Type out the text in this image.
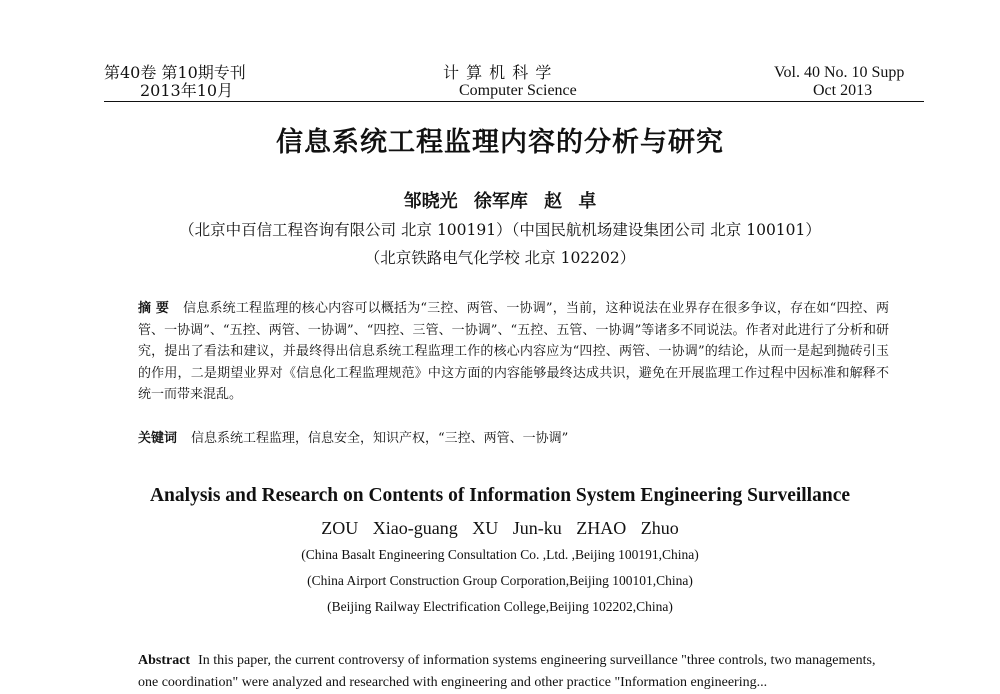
第40卷 第10期专刊
2013年10月
计 算 机 科 学
Computer Science
Vol. 40 No. 10 Supp
Oct 2013
信息系统工程监理内容的分析与研究
邹晓光 徐军库 赵 卓
（北京中百信工程咨询有限公司 北京 100191）（中国民航机场建设集团公司 北京 100101）
（北京铁路电气化学校 北京 102202）
摘 要 信息系统工程监理的核心内容可以概括为“三控、两管、一协调”，当前，这种说法在业界存在很多争议，存在如“四控、两管、一协调”、“五控、两管、一协调”、“四控、三管、一协调”、“五控、五管、一协调”等诸多不同说法。作者对此进行了分析和研究，提出了看法和建议，并最终得出信息系统工程监理工作的核心内容应为“四控、两管、一协调”的结论，从而一是起到抛砖引玉的作用，二是期望业界对《信息化工程监理规范》中这方面的内容能够最终达成共识，避免在开展监理工作过程中因标准和解释不统一而带来混乱。
关键词 信息系统工程监理，信息安全，知识产权，“三控、两管、一协调”
Analysis and Research on Contents of Information System Engineering Surveillance
ZOU Xiao-guang XU Jun-ku ZHAO Zhuo
(China Basalt Engineering Consultation Co. ,Ltd. ,Beijing 100191,China)
(China Airport Construction Group Corporation,Beijing 100101,China)
(Beijing Railway Electrification College,Beijing 102202,China)
Abstract In this paper, the current controversy of information systems engineering surveillance "three controls, two managements, one coordination" were analyzed and researched with engineering and other practice "Information engineering...
